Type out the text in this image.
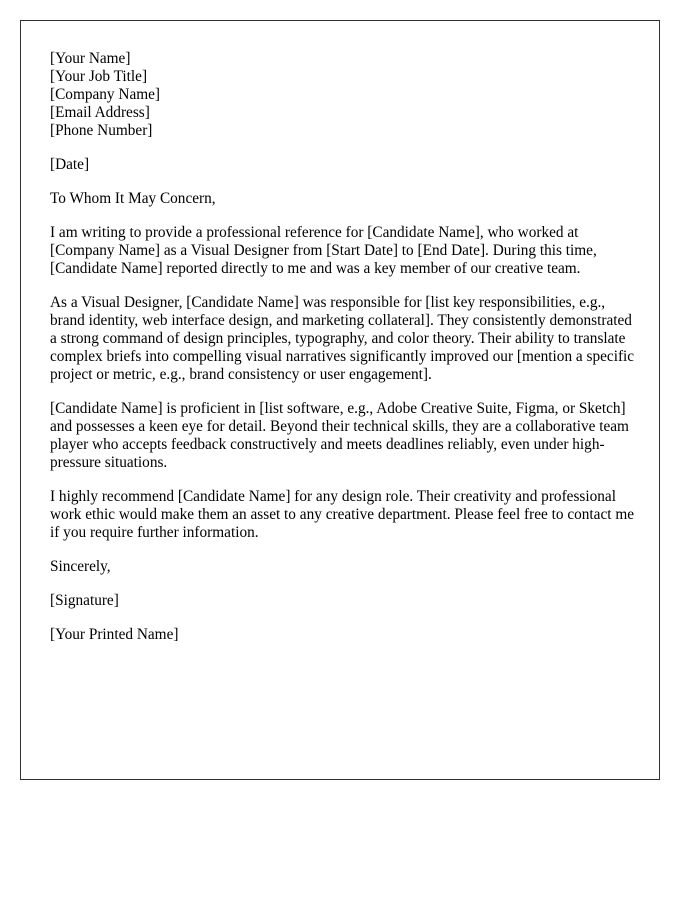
[Your Name]

[Your Job Title]

[Company Name]

[Email Address]

[Phone Number]

[Date]

To Whom It May Concern,

I am writing to provide a professional reference for [Candidate Name], who worked at [Company Name] as a Visual Designer from [Start Date] to [End Date]. During this time, [Candidate Name] reported directly to me and was a key member of our creative team.

As a Visual Designer, [Candidate Name] was responsible for [list key responsibilities, e.g., brand identity, web interface design, and marketing collateral]. They consistently demonstrated a strong command of design principles, typography, and color theory. Their ability to translate complex briefs into compelling visual narratives significantly improved our [mention a specific project or metric, e.g., brand consistency or user engagement].

[Candidate Name] is proficient in [list software, e.g., Adobe Creative Suite, Figma, or Sketch] and possesses a keen eye for detail. Beyond their technical skills, they are a collaborative team player who accepts feedback constructively and meets deadlines reliably, even under high-pressure situations.

I highly recommend [Candidate Name] for any design role. Their creativity and professional work ethic would make them an asset to any creative department. Please feel free to contact me if you require further information.

Sincerely,

[Signature]

[Your Printed Name]
